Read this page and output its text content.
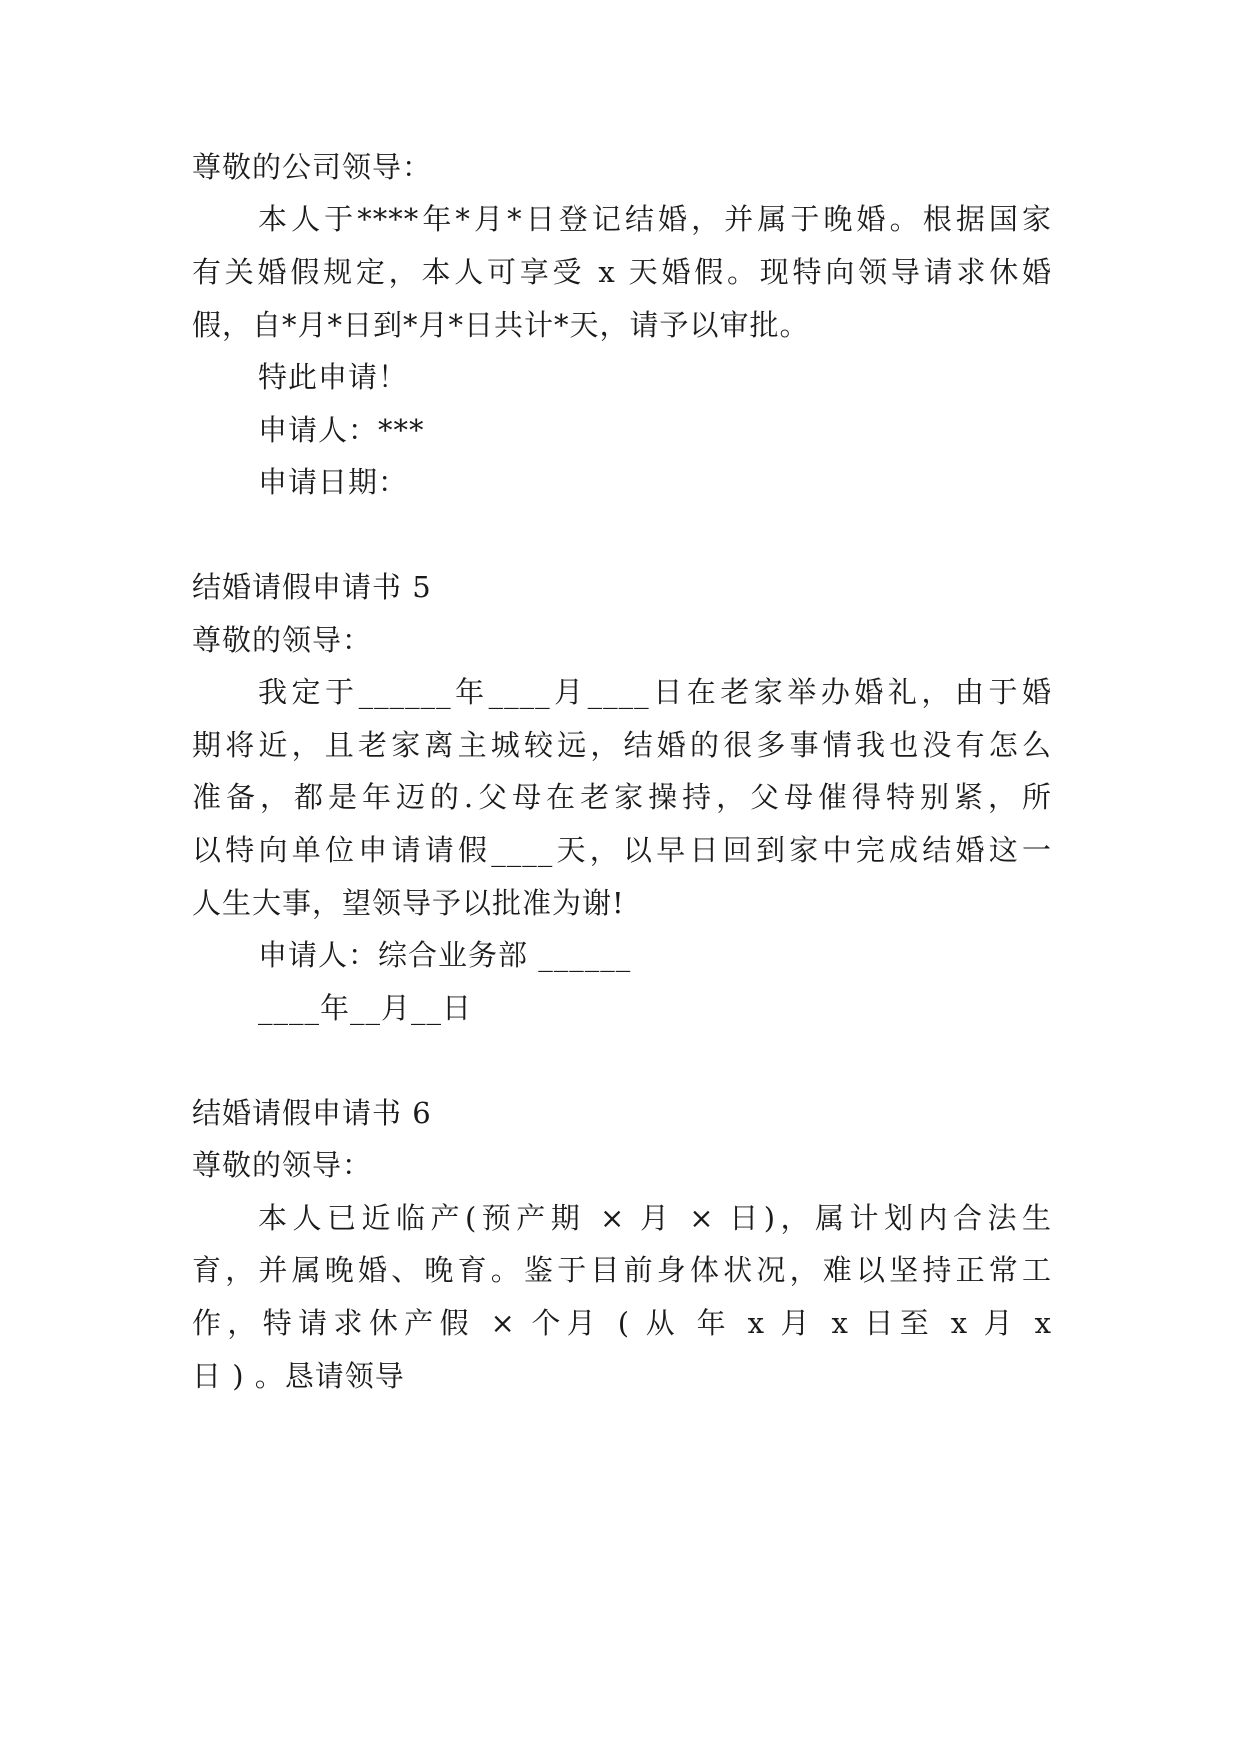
尊敬的公司领导：
本人于****年*月*日登记结婚，并属于晚婚。根据国家
有关婚假规定，本人可享受 x 天婚假。现特向领导请求休婚
假，自*月*日到*月*日共计*天，请予以审批。
特此申请！
申请人：***
申请日期：
结婚请假申请书 5
尊敬的领导：
我定于______年____月____日在老家举办婚礼，由于婚
期将近，且老家离主城较远，结婚的很多事情我也没有怎么
准备，都是年迈的.父母在老家操持，父母催得特别紧，所
以特向单位申请请假____天，以早日回到家中完成结婚这一
人生大事，望领导予以批准为谢!
申请人：综合业务部 ______
____年__月__日
结婚请假申请书 6
尊敬的领导：
本人已近临产(预产期 × 月 × 日)，属计划内合法生
育，并属晚婚、晚育。鉴于目前身体状况，难以坚持正常工
作，特请求休产假 × 个月 ( 从 年 x 月 x 日至 x 月 x
日 ) 。恳请领导
